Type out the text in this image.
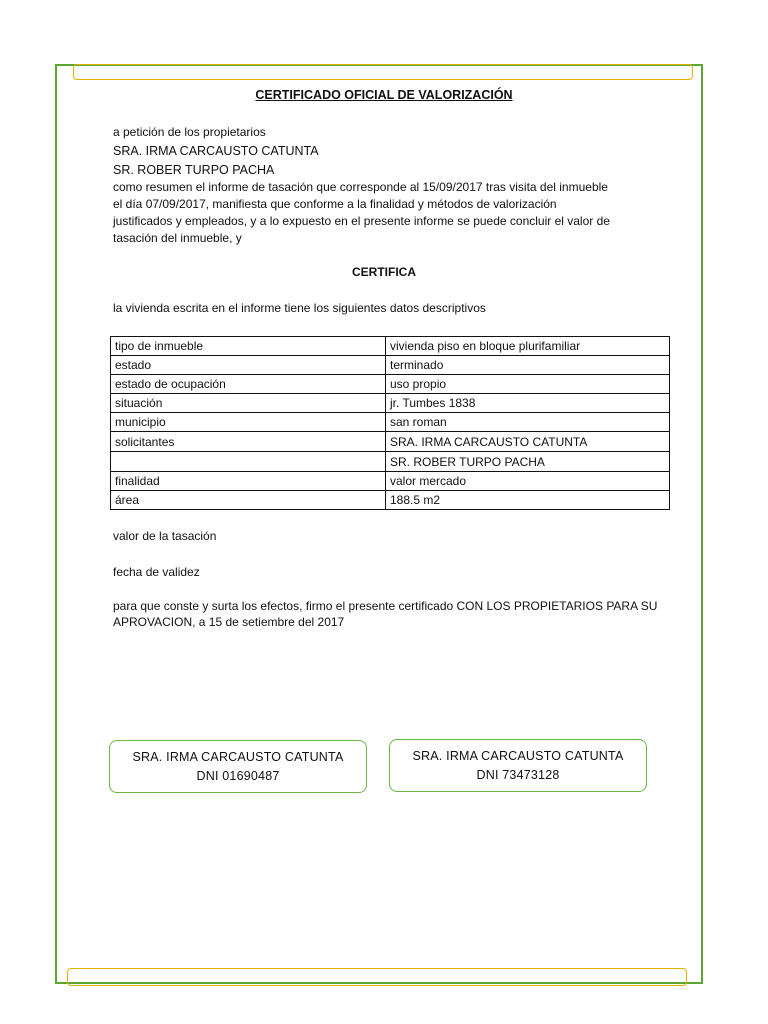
CERTIFICADO OFICIAL DE VALORIZACIÓN
a petición de los propietarios
SRA. IRMA CARCAUSTO CATUNTA
SR. ROBER TURPO PACHA
como resumen el informe de tasación que corresponde al 15/09/2017 tras visita del inmueble el día 07/09/2017, manifiesta que conforme a la finalidad y métodos de valorización justificados y empleados, y a lo expuesto en el presente informe se puede concluir el valor de tasación del inmueble, y
CERTIFICA
la vivienda escrita en el informe tiene los siguientes datos descriptivos
tipo de inmueble	vivienda piso en bloque plurifamiliar
estado	terminado
estado de ocupación	uso propio
situación	jr. Tumbes 1838
municipio	san roman
solicitantes	SRA. IRMA CARCAUSTO CATUNTA
	SR. ROBER TURPO PACHA
finalidad	valor mercado
área	188.5 m2
valor de la tasación
fecha de validez
para que conste y surta los efectos, firmo el presente certificado CON LOS PROPIETARIOS PARA SU APROVACION, a 15 de setiembre del 2017
SRA. IRMA CARCAUSTO CATUNTA
DNI 01690487
SRA. IRMA CARCAUSTO CATUNTA
DNI 73473128
